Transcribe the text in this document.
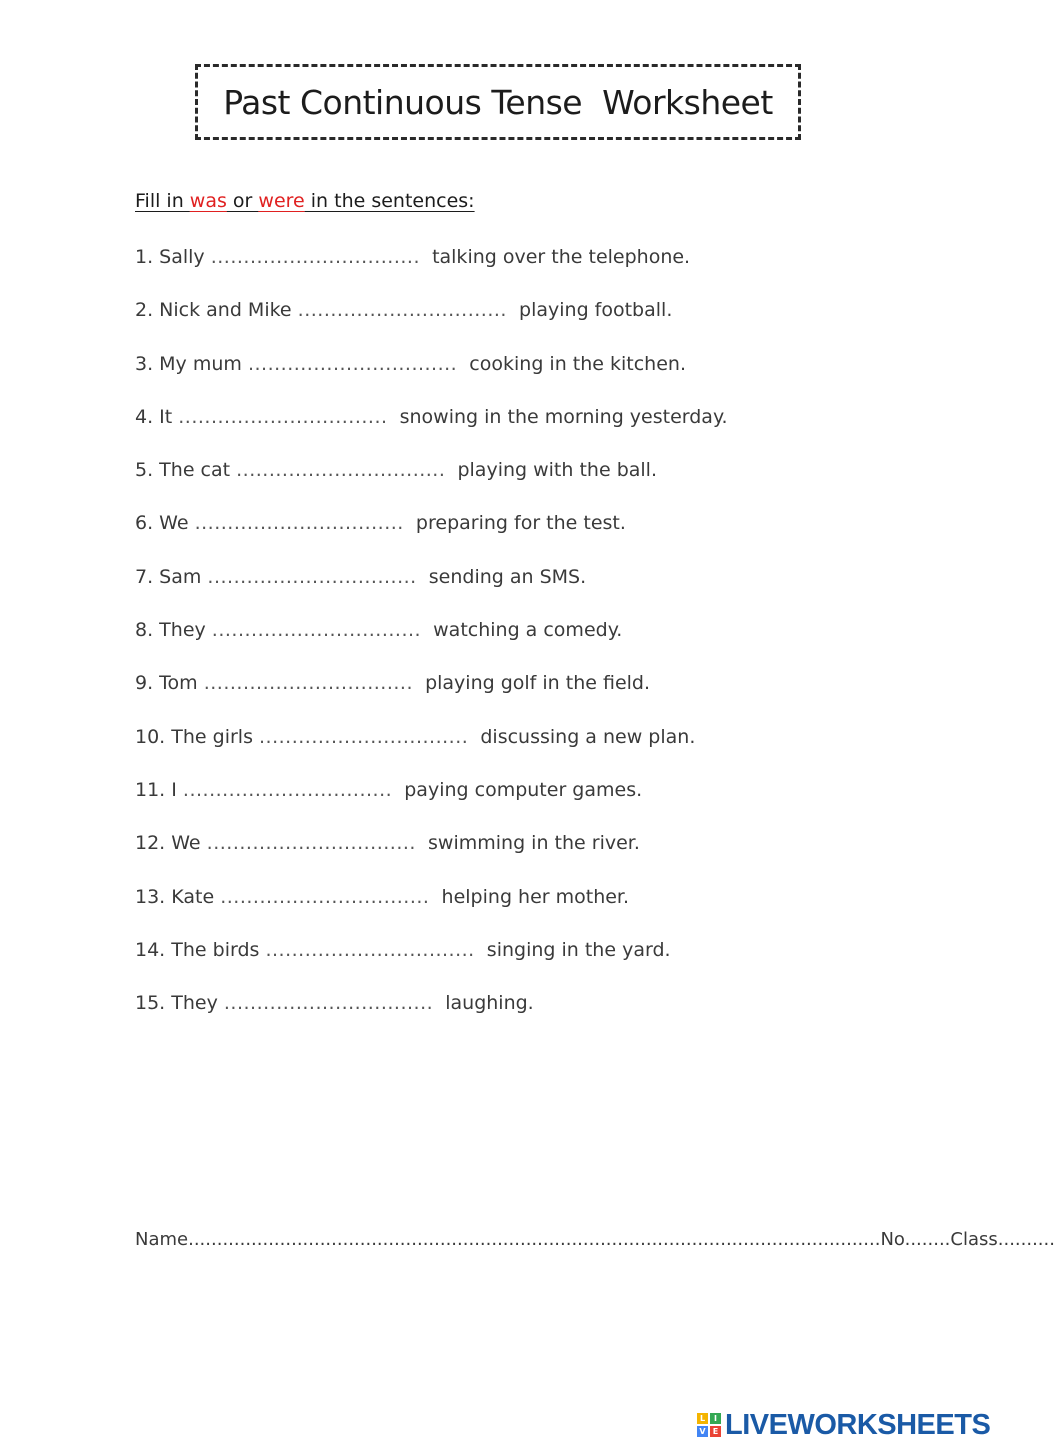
Past Continuous Tense  Worksheet
Fill in was or were in the sentences:
1. Sally ................................  talking over the telephone.
2. Nick and Mike ................................  playing football.
3. My mum ................................  cooking in the kitchen.
4. It ................................  snowing in the morning yesterday.
5. The cat ................................  playing with the ball.
6. We ................................  preparing for the test.
7. Sam ................................  sending an SMS.
8. They ................................  watching a comedy.
9. Tom ................................  playing golf in the field.
10. The girls ................................  discussing a new plan.
11. I ................................  paying computer games.
12. We ................................  swimming in the river.
13. Kate ................................  helping her mother.
14. The birds ................................  singing in the yard.
15. They ................................  laughing.
Name.........................................................................................................................No........Class..........
L	I
V E LIVEWORKSHEETS
